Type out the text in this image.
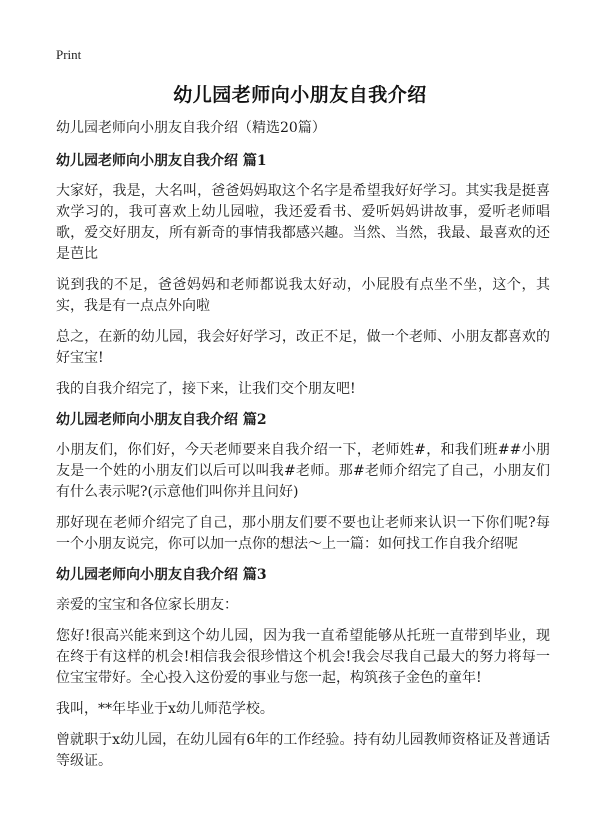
Print
幼儿园老师向小朋友自我介绍
幼儿园老师向小朋友自我介绍（精选20篇）
幼儿园老师向小朋友自我介绍 篇1

大家好，我是，大名叫，爸爸妈妈取这个名字是希望我好好学习。其实我是挺喜欢学习的，我可喜欢上幼儿园啦，我还爱看书、爱听妈妈讲故事，爱听老师唱歌，爱交好朋友，所有新奇的事情我都感兴趣。当然、当然，我最、最喜欢的还是芭比

说到我的不足，爸爸妈妈和老师都说我太好动，小屁股有点坐不坐，这个，其实，我是有一点点外向啦

总之，在新的幼儿园，我会好好学习，改正不足，做一个老师、小朋友都喜欢的好宝宝!

我的自我介绍完了，接下来，让我们交个朋友吧!

幼儿园老师向小朋友自我介绍 篇2

小朋友们，你们好，今天老师要来自我介绍一下，老师姓#，和我们班##小朋友是一个姓的小朋友们以后可以叫我#老师。那#老师介绍完了自己，小朋友们有什么表示呢?(示意他们叫你并且问好)

那好现在老师介绍完了自己，那小朋友们要不要也让老师来认识一下你们呢?每一个小朋友说完，你可以加一点你的想法～上一篇：如何找工作自我介绍呢

幼儿园老师向小朋友自我介绍 篇3

亲爱的宝宝和各位家长朋友：

您好!很高兴能来到这个幼儿园，因为我一直希望能够从托班一直带到毕业，现在终于有这样的机会!相信我会很珍惜这个机会!我会尽我自己最大的努力将每一位宝宝带好。全心投入这份爱的事业与您一起，构筑孩子金色的童年!

我叫，**年毕业于x幼儿师范学校。

曾就职于x幼儿园，在幼儿园有6年的工作经验。持有幼儿园教师资格证及普通话等级证。
